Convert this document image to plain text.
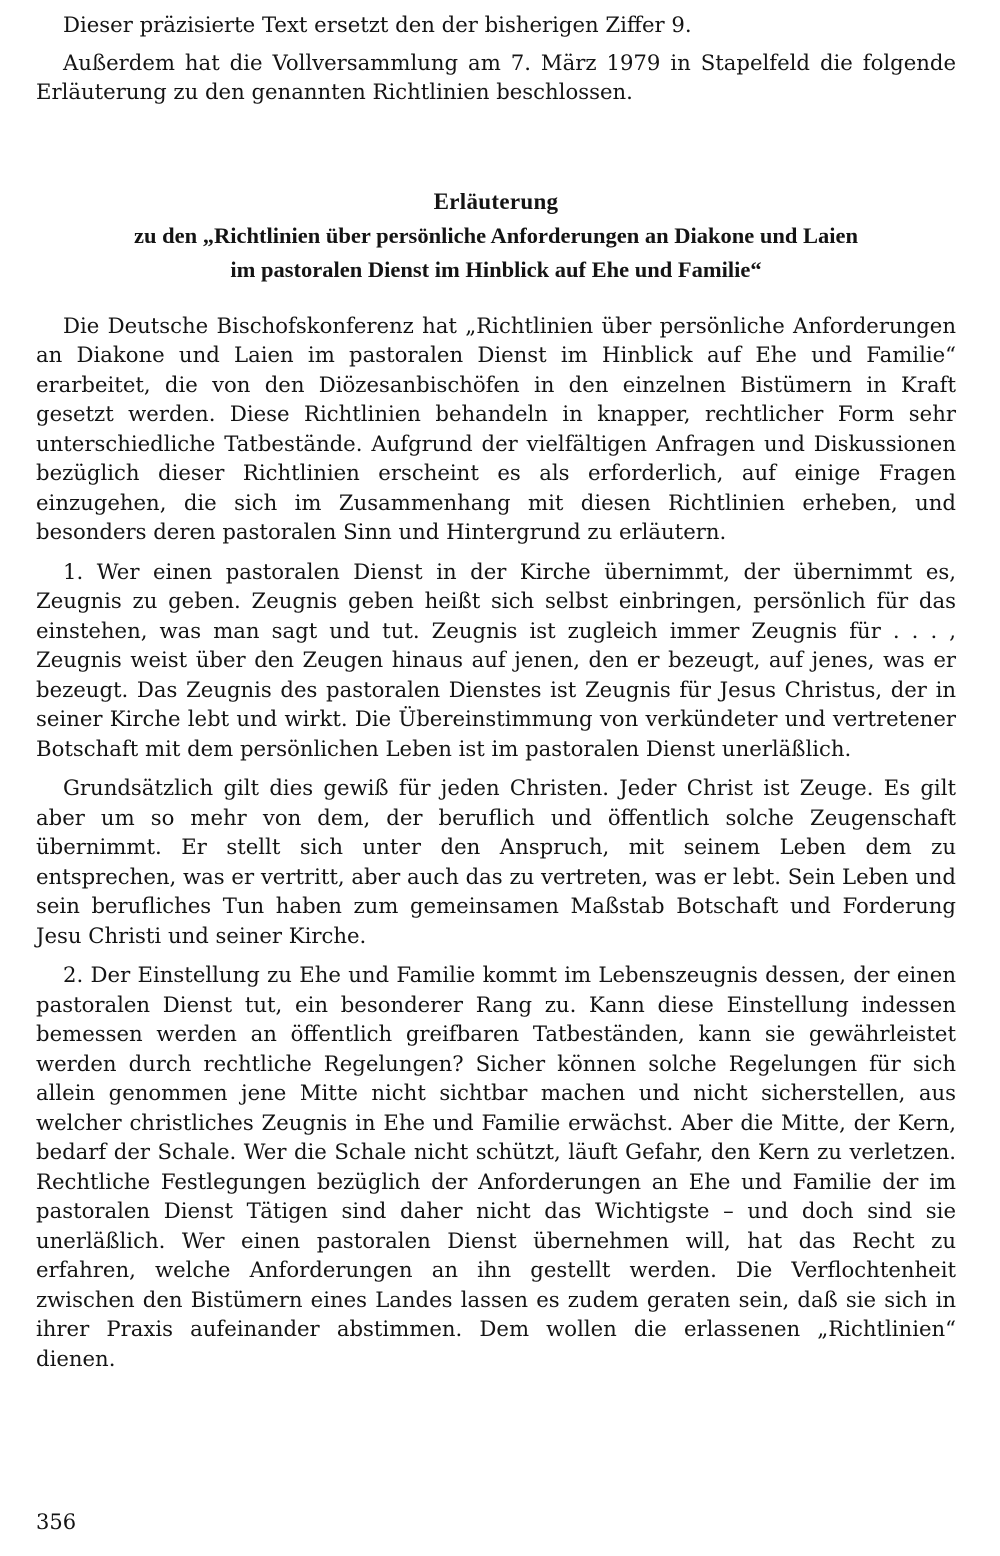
Dieser präzisierte Text ersetzt den der bisherigen Ziffer 9.

Außerdem hat die Vollversammlung am 7. März 1979 in Stapelfeld die folgende Erläuterung zu den genannten Richtlinien beschlossen.

Erläuterung
zu den „Richtlinien über persönliche Anforderungen an Diakone und Laien
im pastoralen Dienst im Hinblick auf Ehe und Familie“

Die Deutsche Bischofskonferenz hat „Richtlinien über persönliche Anforderungen an Diakone und Laien im pastoralen Dienst im Hinblick auf Ehe und Familie“ erarbeitet, die von den Diözesanbischöfen in den einzelnen Bistümern in Kraft gesetzt werden. Diese Richtlinien behandeln in knapper, rechtlicher Form sehr unterschiedliche Tatbestände. Aufgrund der vielfältigen Anfragen und Diskussionen bezüglich dieser Richtlinien erscheint es als erforderlich, auf einige Fragen einzugehen, die sich im Zusammenhang mit diesen Richtlinien erheben, und besonders deren pastoralen Sinn und Hintergrund zu erläutern.

1. Wer einen pastoralen Dienst in der Kirche übernimmt, der übernimmt es, Zeugnis zu geben. Zeugnis geben heißt sich selbst einbringen, persönlich für das einstehen, was man sagt und tut. Zeugnis ist zugleich immer Zeugnis für . . . , Zeugnis weist über den Zeugen hinaus auf jenen, den er bezeugt, auf jenes, was er bezeugt. Das Zeugnis des pastoralen Dienstes ist Zeugnis für Jesus Christus, der in seiner Kirche lebt und wirkt. Die Übereinstimmung von verkündeter und vertretener Botschaft mit dem persönlichen Leben ist im pastoralen Dienst unerläßlich.

Grundsätzlich gilt dies gewiß für jeden Christen. Jeder Christ ist Zeuge. Es gilt aber um so mehr von dem, der beruflich und öffentlich solche Zeugenschaft übernimmt. Er stellt sich unter den Anspruch, mit seinem Leben dem zu entsprechen, was er vertritt, aber auch das zu vertreten, was er lebt. Sein Leben und sein berufliches Tun haben zum gemeinsamen Maßstab Botschaft und Forderung Jesu Christi und seiner Kirche.

2. Der Einstellung zu Ehe und Familie kommt im Lebenszeugnis dessen, der einen pastoralen Dienst tut, ein besonderer Rang zu. Kann diese Einstellung indessen bemessen werden an öffentlich greifbaren Tatbeständen, kann sie gewährleistet werden durch rechtliche Regelungen? Sicher können solche Regelungen für sich allein genommen jene Mitte nicht sichtbar machen und nicht sicherstellen, aus welcher christliches Zeugnis in Ehe und Familie erwächst. Aber die Mitte, der Kern, bedarf der Schale. Wer die Schale nicht schützt, läuft Gefahr, den Kern zu verletzen. Rechtliche Festlegungen bezüglich der Anforderungen an Ehe und Familie der im pastoralen Dienst Tätigen sind daher nicht das Wichtigste – und doch sind sie unerläßlich. Wer einen pastoralen Dienst übernehmen will, hat das Recht zu erfahren, welche Anforderungen an ihn gestellt werden. Die Verflochtenheit zwischen den Bistümern eines Landes lassen es zudem geraten sein, daß sie sich in ihrer Praxis aufeinander abstimmen. Dem wollen die erlassenen „Richtlinien“ dienen.

356
